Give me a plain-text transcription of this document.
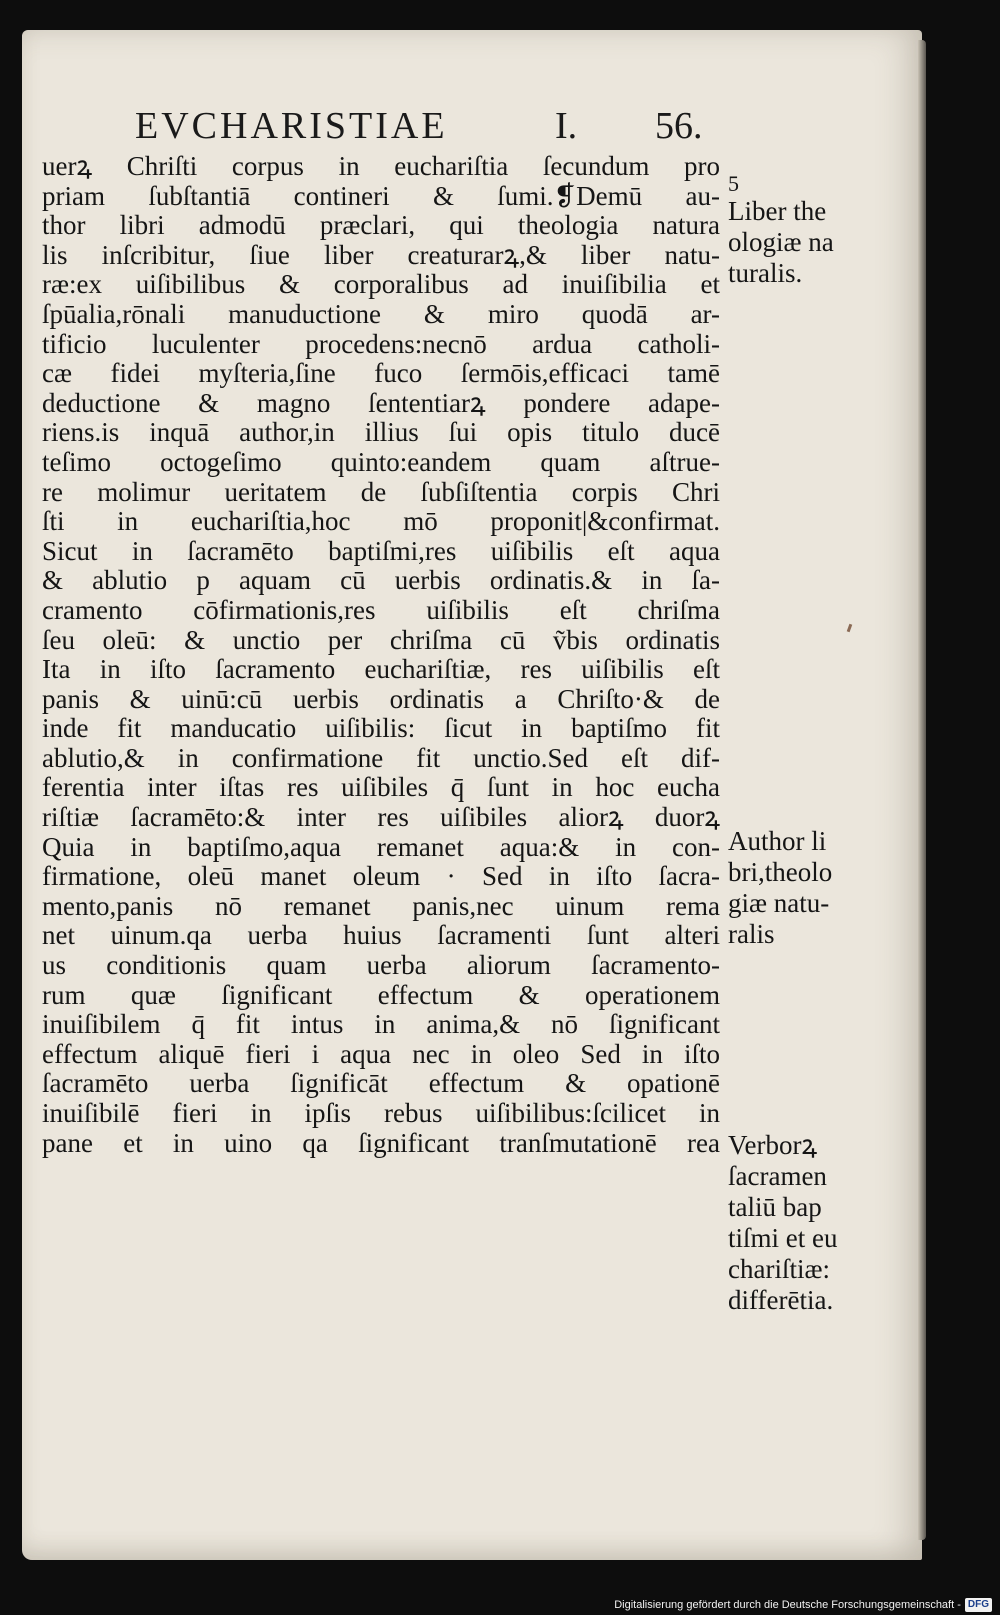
EVCHARISTIAE	I. 56.
uerꝝ Chriſti corpus in euchariſtia ſecundum pro
priam ſubſtantiā contineri & ſumi.❡Demū au-
thor libri admodū præclari, qui theologia natura
lis inſcribitur, ſiue liber creaturarꝝ,& liber natu-
ræ:ex uiſibilibus & corporalibus ad inuiſibilia et
ſpūalia,rōnali manuductione & miro quodā ar-
tificio luculenter procedens:necnō ardua catholi-
cæ fidei myſteria,ſine fuco ſermōis,efficaci tamē
deductione & magno ſententiarꝝ pondere adape-
riens.is inquā author,in illius ſui opis titulo ducē
teſimo octogeſimo quinto:eandem quam aſtrue-
re molimur ueritatem de ſubſiſtentia corpis Chri
ſti in euchariſtia,hoc mō proponit|&confirmat.
Sicut in ſacramēto baptiſmi,res uiſibilis eſt aqua
& ablutio p aquam cū uerbis ordinatis.& in ſa-
cramento cōfirmationis,res uiſibilis eſt chriſma
ſeu oleū: & unctio per chriſma cū ṽbis ordinatis
Ita in iſto ſacramento euchariſtiæ, res uiſibilis eſt
panis & uinū:cū uerbis ordinatis a Chriſto·& de
inde fit manducatio uiſibilis: ſicut in baptiſmo fit
ablutio,& in confirmatione fit unctio.Sed eſt dif-
ferentia inter iſtas res uiſibiles q̄ ſunt in hoc eucha
riſtiæ ſacramēto:& inter res uiſibiles aliorꝝ duorꝝ
Quia in baptiſmo,aqua remanet aqua:& in con-
firmatione, oleū manet oleum · Sed in iſto ſacra-
mento,panis nō remanet panis,nec uinum rema
net uinum.qa uerba huius ſacramenti ſunt alteri
us conditionis quam uerba aliorum ſacramento-
rum quæ ſignificant effectum & operationem
inuiſibilem q̄ fit intus in anima,& nō ſignificant
effectum aliquē fieri i aqua nec in oleo Sed in iſto
ſacramēto uerba ſignificāt effectum & opationē
inuiſibilē fieri in ipſis rebus uiſibilibus:ſcilicet in
pane et in uino qa ſignificant tranſmutationē rea
5
Liber the
ologiæ na
turalis.
Author li
bri,theolo
giæ natu-
ralis
Verborꝝ
ſacramen
taliū bap
tiſmi et eu
chariſtiæ:
differētia.
Digitalisierung gefördert durch die Deutsche Forschungsgemeinschaft - DFG
